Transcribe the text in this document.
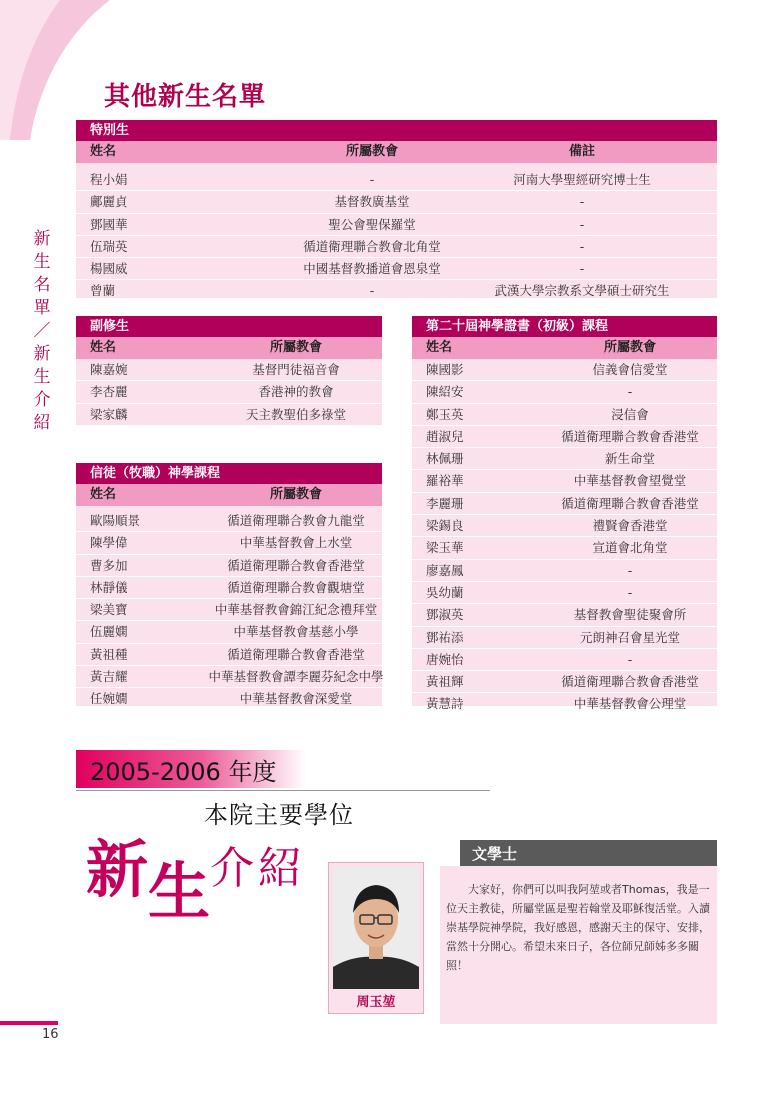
新
生
名
單
／
新
生
介
紹
其他新生名單
特別生
姓名	所屬教會	備註
程小娟	-	河南大學聖經研究博士生
鄺麗貞	基督教廣基堂	-
鄧國華	聖公會聖保羅堂	-
伍瑞英	循道衛理聯合教會北角堂	-
楊國威	中國基督教播道會恩泉堂	-
曾蘭	-	武漢大學宗教系文學碩士研究生
副修生
姓名	所屬教會
陳嘉婉	基督門徒福音會
李杏麗	香港神的教會
梁家麟	天主教聖伯多祿堂
信徒（牧職）神學課程
姓名	所屬教會
歐陽順景	循道衛理聯合教會九龍堂
陳學偉	中華基督教會上水堂
曹多加	循道衛理聯合教會香港堂
林靜儀	循道衛理聯合教會觀塘堂
梁美寶	中華基督教會錦江紀念禮拜堂
伍麗嫻	中華基督教會基慈小學
黃祖種	循道衛理聯合教會香港堂
黃吉耀	中華基督教會譚李麗芬紀念中學
任婉嫺	中華基督教會深愛堂
第二十屆神學證書（初級）課程
姓名	所屬教會
陳國影	信義會信愛堂
陳紹安	-
鄭玉英	浸信會
趙淑兒	循道衛理聯合教會香港堂
林佩珊	新生命堂
羅裕華	中華基督教會望覺堂
李麗珊	循道衛理聯合教會香港堂
梁錫良	禮賢會香港堂
梁玉華	宣道會北角堂
廖嘉鳳	-
吳幼蘭	-
鄧淑英	基督教會聖徒聚會所
鄧祐添	元朗神召會星光堂
唐婉怡	-
黃祖輝	循道衛理聯合教會香港堂
黃慧詩	中華基督教會公理堂
2005-2006 年度
本院主要學位
新 生 介 紹
周玉堃
文學士
大家好，你們可以叫我阿堃或者Thomas，我是一位天主教徒，所屬堂區是聖若翰堂及耶穌復活堂。入讀崇基學院神學院，我好感恩，感謝天主的保守、安排，當然十分開心。希望未來日子，各位師兄師姊多多關照！
16
